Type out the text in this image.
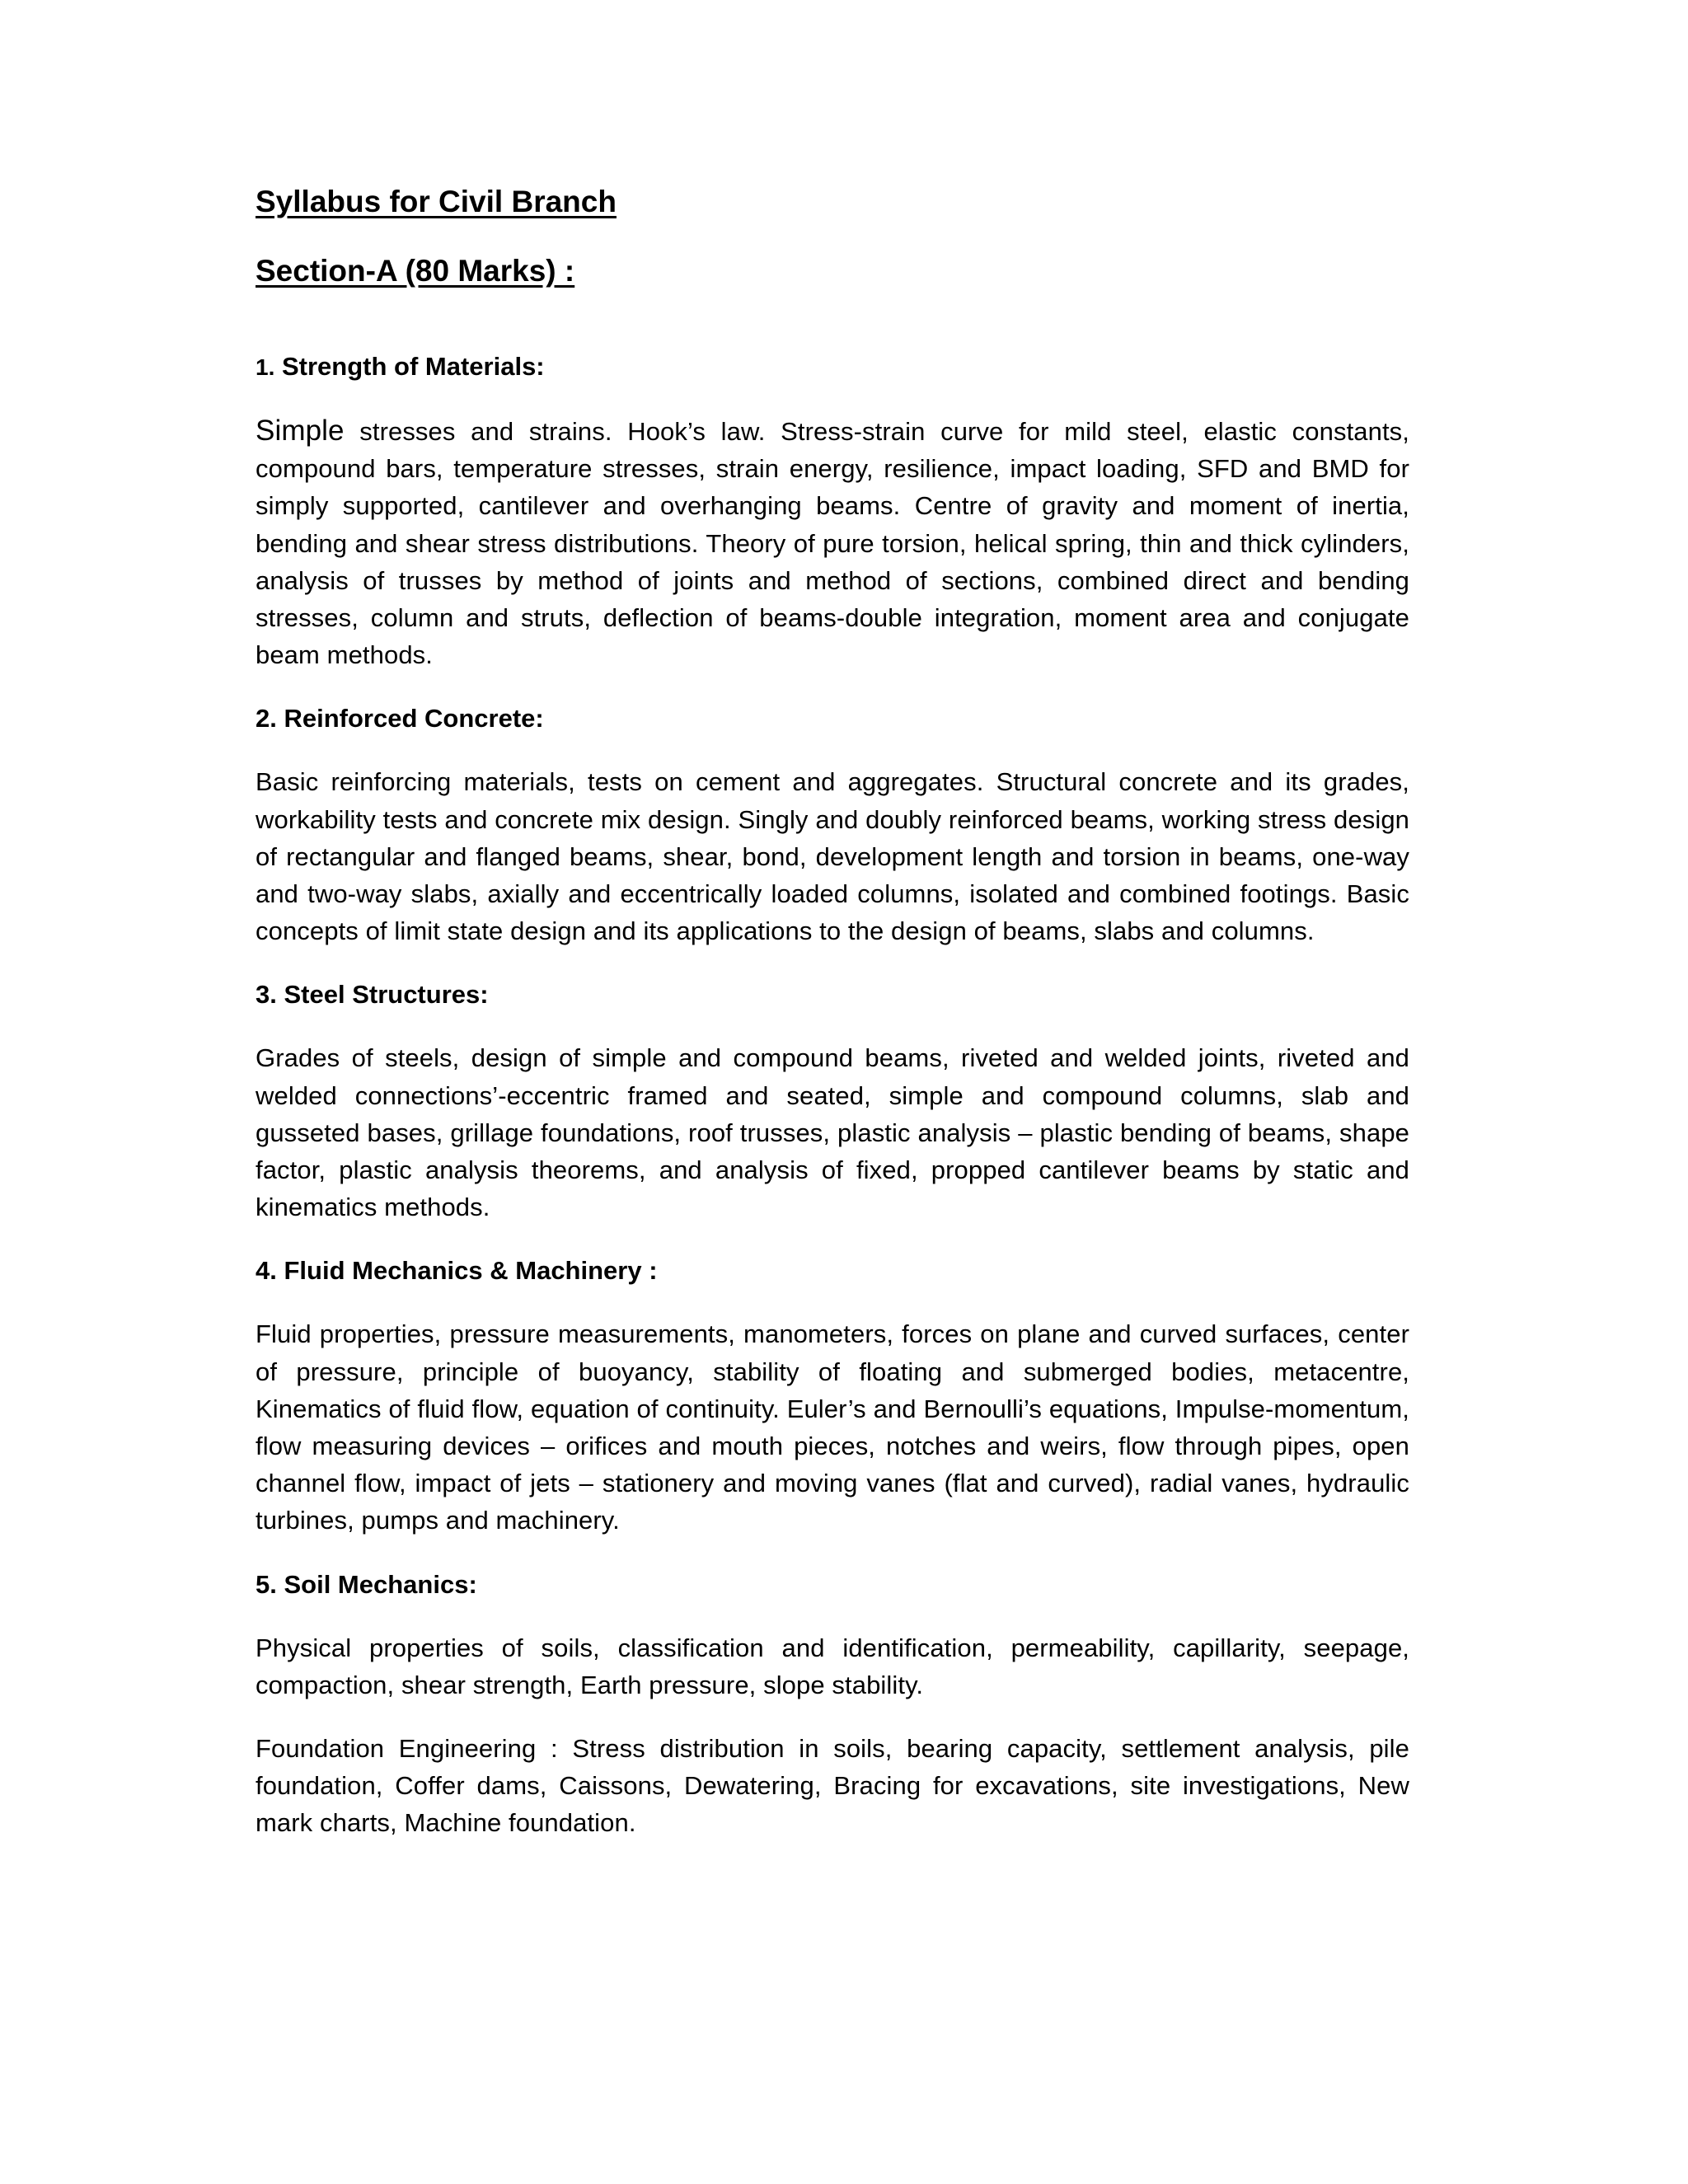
Syllabus for Civil Branch
Section-A (80 Marks) :
1. Strength of Materials:

Simple stresses and strains. Hook’s law. Stress-strain curve for mild steel, elastic constants, compound bars, temperature stresses, strain energy, resilience, impact loading, SFD and BMD for simply supported, cantilever and overhanging beams. Centre of gravity and moment of inertia, bending and shear stress distributions. Theory of pure torsion, helical spring, thin and thick cylinders, analysis of trusses by method of joints and method of sections, combined direct and bending stresses, column and struts, deflection of beams-double integration, moment area and conjugate beam methods.

2. Reinforced Concrete:

Basic reinforcing materials, tests on cement and aggregates. Structural concrete and its grades, workability tests and concrete mix design. Singly and doubly reinforced beams, working stress design of rectangular and flanged beams, shear, bond, development length and torsion in beams, one-way and two-way slabs, axially and eccentrically loaded columns, isolated and combined footings. Basic concepts of limit state design and its applications to the design of beams, slabs and columns.

3. Steel Structures:

Grades of steels, design of simple and compound beams, riveted and welded joints, riveted and welded connections’-eccentric framed and seated, simple and compound columns, slab and gusseted bases, grillage foundations, roof trusses, plastic analysis – plastic bending of beams, shape factor, plastic analysis theorems, and analysis of fixed, propped cantilever beams by static and kinematics methods.

4. Fluid Mechanics & Machinery :

Fluid properties, pressure measurements, manometers, forces on plane and curved surfaces, center of pressure, principle of buoyancy, stability of floating and submerged bodies, metacentre, Kinematics of fluid flow, equation of continuity. Euler’s and Bernoulli’s equations, Impulse-momentum, flow measuring devices – orifices and mouth pieces, notches and weirs, flow through pipes, open channel flow, impact of jets – stationery and moving vanes (flat and curved), radial vanes, hydraulic turbines, pumps and machinery.

5. Soil Mechanics:

Physical properties of soils, classification and identification, permeability, capillarity, seepage, compaction, shear strength, Earth pressure, slope stability.

Foundation Engineering : Stress distribution in soils, bearing capacity, settlement analysis, pile foundation, Coffer dams, Caissons, Dewatering, Bracing for excavations, site investigations, New mark charts, Machine foundation.
